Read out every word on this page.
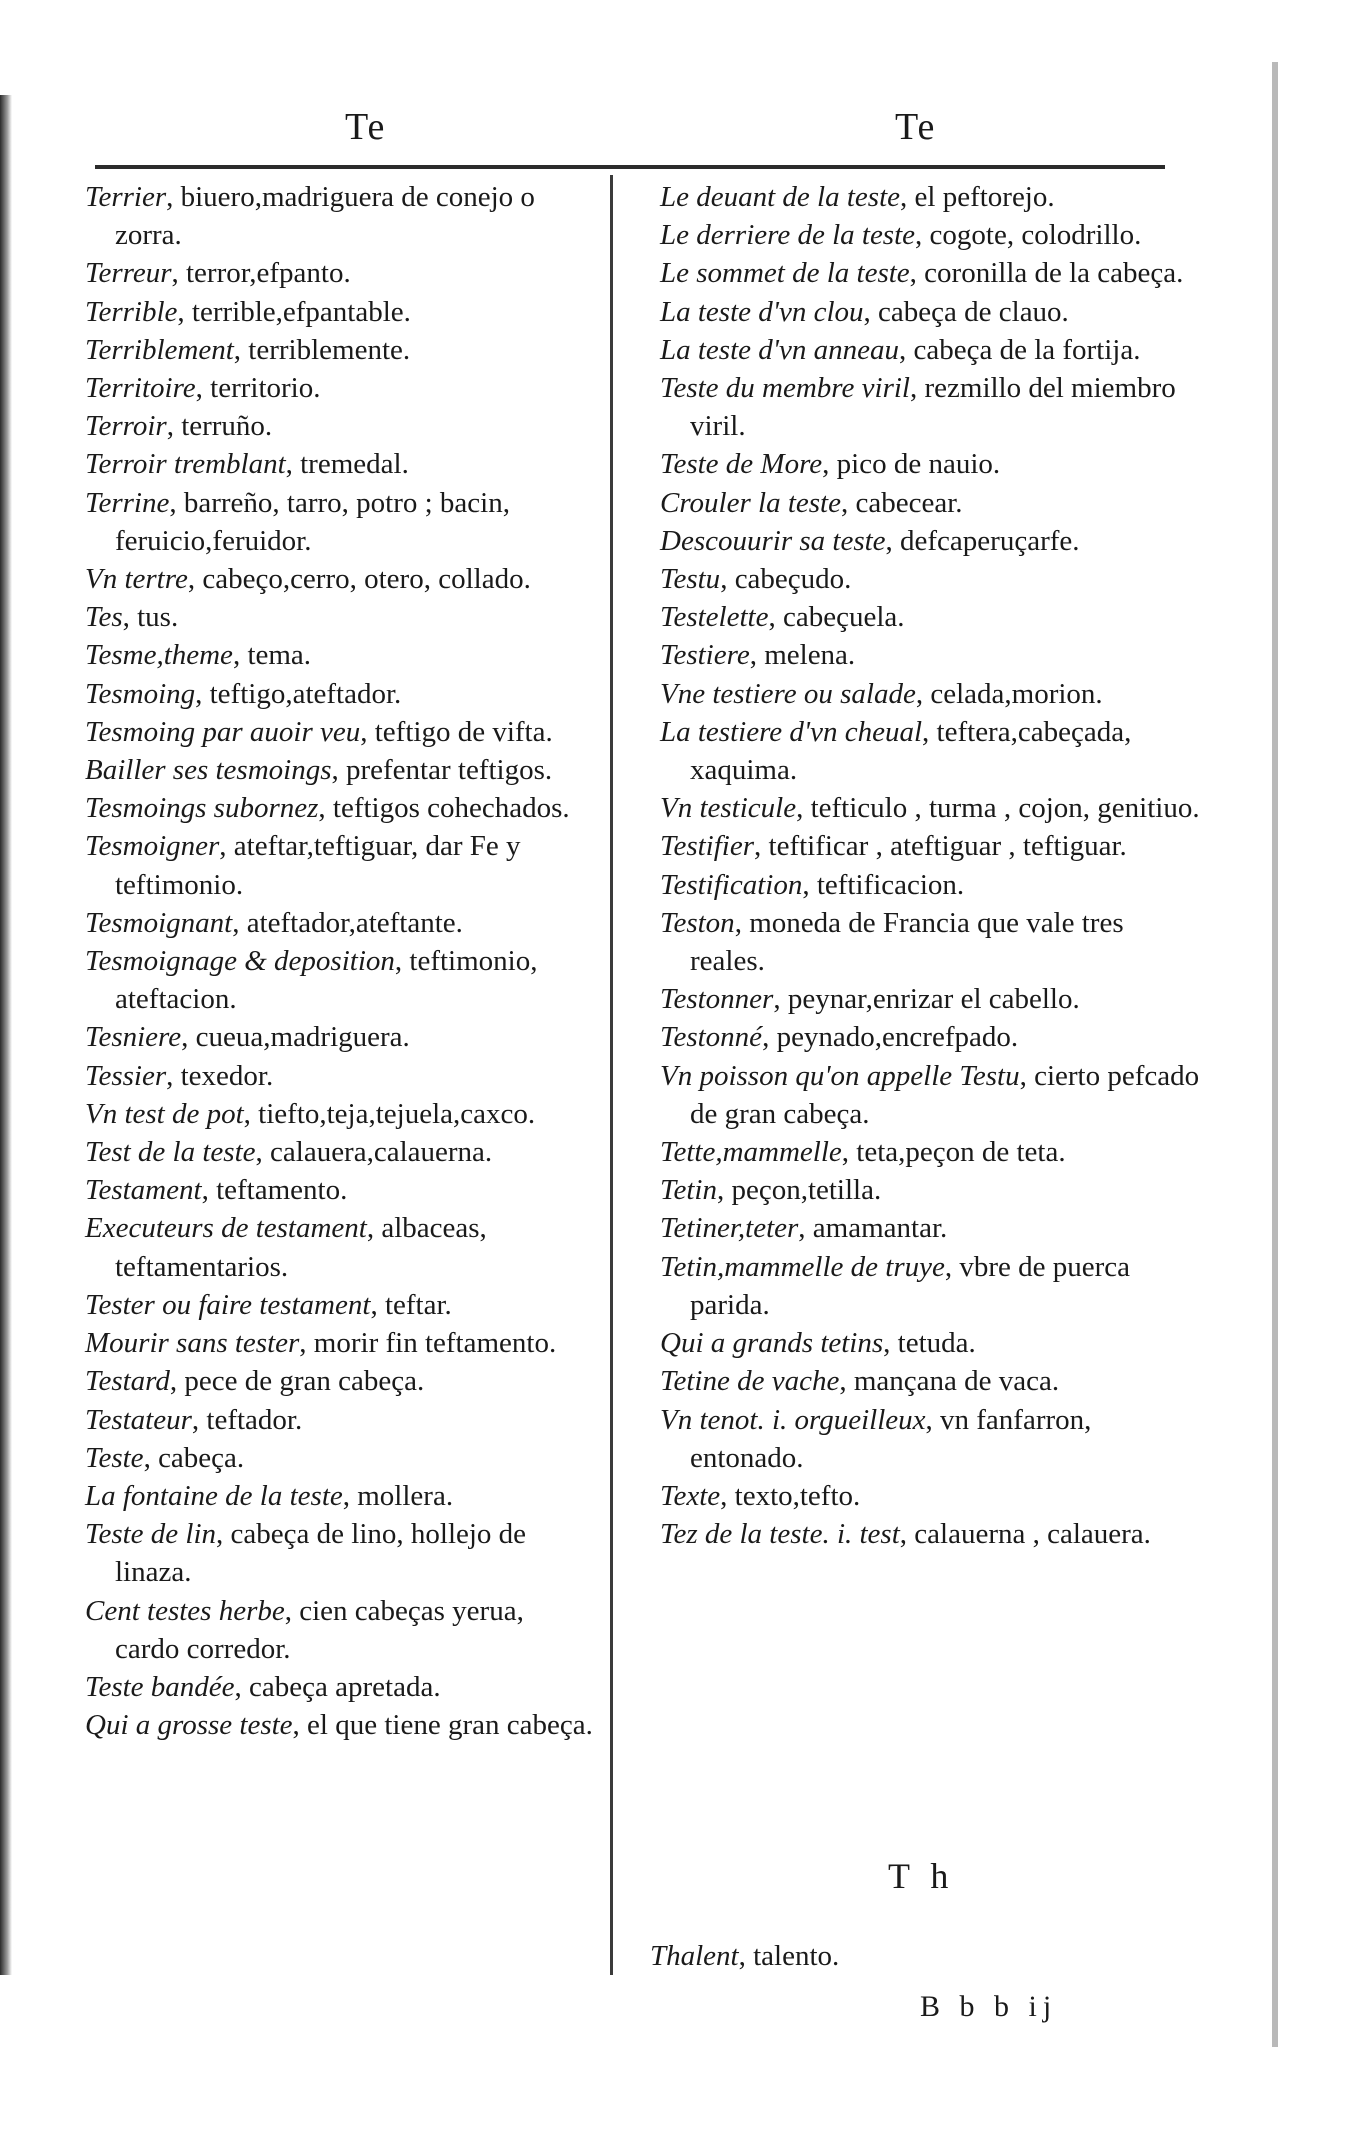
Te	Te

Terrier, biuero,madriguera de conejo o zorra.

Terreur, terror,efpanto.

Terrible, terrible,efpantable.

Terriblement, terriblemente.

Territoire, territorio.

Terroir, terruño.

Terroir tremblant, tremedal.

Terrine, barreño, tarro, potro ; bacin, feruicio,feruidor.

Vn tertre, cabeço,cerro, otero, collado.

Tes, tus.

Tesme,theme, tema.

Tesmoing, teftigo,ateftador.

Tesmoing par auoir veu, teftigo de vifta.

Bailler ses tesmoings, prefentar teftigos.

Tesmoings subornez, teftigos cohechados.

Tesmoigner, ateftar,teftiguar, dar Fe y teftimonio.

Tesmoignant, ateftador,ateftante.

Tesmoignage & deposition, teftimonio, ateftacion.

Tesniere, cueua,madriguera.

Tessier, texedor.

Vn test de pot, tiefto,teja,tejuela,caxco.

Test de la teste, calauera,calauerna.

Testament, teftamento.

Executeurs de testament, albaceas, teftamentarios.

Tester ou faire testament, teftar.

Mourir sans tester, morir fin teftamento.

Testard, pece de gran cabeça.

Testateur, teftador.

Teste, cabeça.

La fontaine de la teste, mollera.

Teste de lin, cabeça de lino, hollejo de linaza.

Cent testes herbe, cien cabeças yerua, cardo corredor.

Teste bandée, cabeça apretada.

Qui a grosse teste, el que tiene gran cabeça.

Le deuant de la teste, el peftorejo.

Le derriere de la teste, cogote, colodrillo.

Le sommet de la teste, coronilla de la cabeça.

La teste d'vn clou, cabeça de clauo.

La teste d'vn anneau, cabeça de la fortija.

Teste du membre viril, rezmillo del miembro viril.

Teste de More, pico de nauio.

Crouler la teste, cabecear.

Descouurir sa teste, defcaperuçarfe.

Testu, cabeçudo.

Testelette, cabeçuela.

Testiere, melena.

Vne testiere ou salade, celada,morion.

La testiere d'vn cheual, teftera,cabeçada, xaquima.

Vn testicule, tefticulo , turma , cojon, genitiuo.

Testifier, teftificar , ateftiguar , teftiguar.

Testification, teftificacion.

Teston, moneda de Francia que vale tres reales.

Testonner, peynar,enrizar el cabello.

Testonné, peynado,encrefpado.

Vn poisson qu'on appelle Testu, cierto pefcado de gran cabeça.

Tette,mammelle, teta,peçon de teta.

Tetin, peçon,tetilla.

Tetiner,teter, amamantar.

Tetin,mammelle de truye, vbre de puerca parida.

Qui a grands tetins, tetuda.

Tetine de vache, mançana de vaca.

Vn tenot. i. orgueilleux, vn fanfarron, entonado.

Texte, texto,tefto.

Tez de la teste. i. test, calauerna , calauera.

T h
Thalent, talento.
B b b ij
